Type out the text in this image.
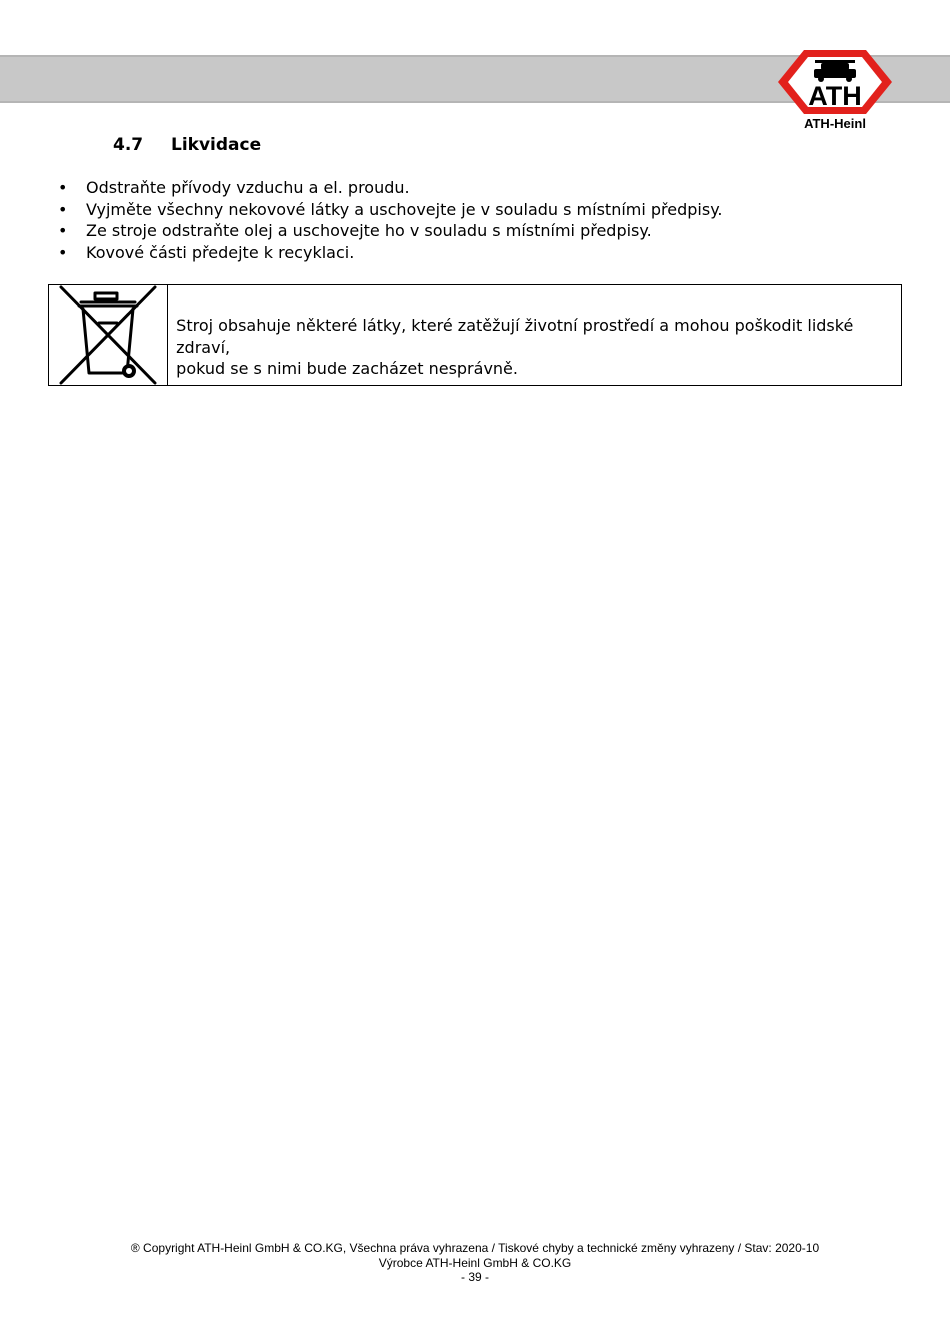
ATH
ATH-Heinl
4.7 Likvidace
• Odstraňte přívody vzduchu a el. proudu.
• Vyjměte všechny nekovové látky a uschovejte je v souladu s místními předpisy.
• Ze stroje odstraňte olej a uschovejte ho v souladu s místními předpisy.
• Kovové části předejte k recyklaci.
Stroj obsahuje některé látky, které zatěžují životní prostředí a mohou poškodit lidské zdraví,
pokud se s nimi bude zacházet nesprávně.
® Copyright ATH-Heinl GmbH & CO.KG, Všechna práva vyhrazena / Tiskové chyby a technické změny vyhrazeny / Stav: 2020-10
Výrobce ATH-Heinl GmbH & CO.KG
- 39 -
